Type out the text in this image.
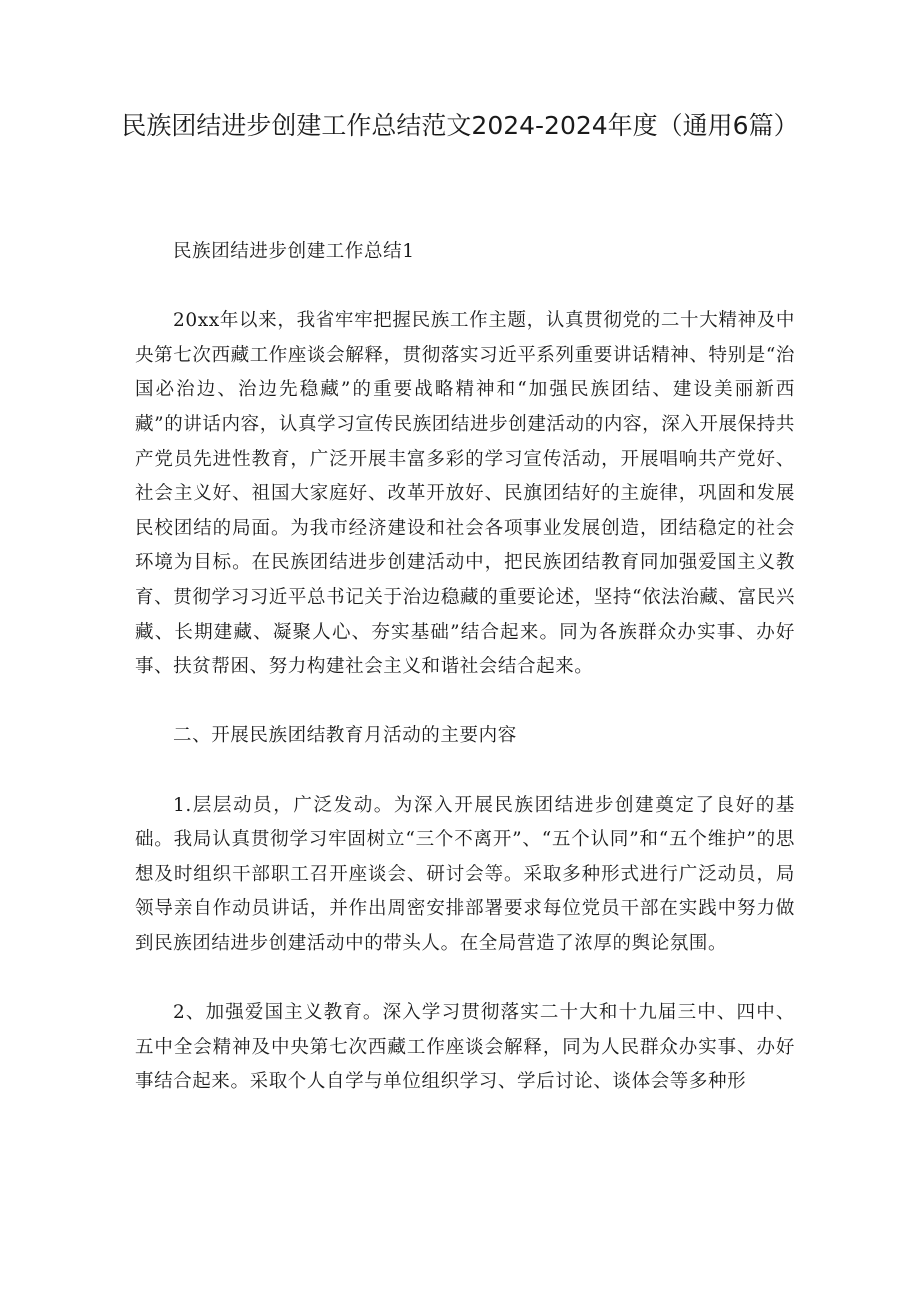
民族团结进步创建工作总结范文2024-2024年度（通用6篇）

民族团结进步创建工作总结1

20xx年以来，我省牢牢把握民族工作主题，认真贯彻党的二十大精神及中央第七次西藏工作座谈会解释，贯彻落实习近平系列重要讲话精神、特别是“治国必治边、治边先稳藏”的重要战略精神和“加强民族团结、建设美丽新西藏”的讲话内容，认真学习宣传民族团结进步创建活动的内容，深入开展保持共产党员先进性教育，广泛开展丰富多彩的学习宣传活动，开展唱响共产党好、社会主义好、祖国大家庭好、改革开放好、民旗团结好的主旋律，巩固和发展民校团结的局面。为我市经济建设和社会各项事业发展创造，团结稳定的社会环境为目标。在民族团结进步创建活动中，把民族团结教育同加强爱国主义教育、贯彻学习习近平总书记关于治边稳藏的重要论述，坚持“依法治藏、富民兴藏、长期建藏、凝聚人心、夯实基础”结合起来。同为各族群众办实事、办好事、扶贫帮困、努力构建社会主义和谐社会结合起来。

二、开展民族团结教育月活动的主要内容

1.层层动员，广泛发动。为深入开展民族团结进步创建奠定了良好的基础。我局认真贯彻学习牢固树立“三个不离开”、“五个认同”和“五个维护”的思想及时组织干部职工召开座谈会、研讨会等。采取多种形式进行广泛动员，局领导亲自作动员讲话，并作出周密安排部署要求每位党员干部在实践中努力做到民族团结进步创建活动中的带头人。在全局营造了浓厚的舆论氛围。

2、加强爱国主义教育。深入学习贯彻落实二十大和十九届三中、四中、五中全会精神及中央第七次西藏工作座谈会解释，同为人民群众办实事、办好事结合起来。采取个人自学与单位组织学习、学后讨论、谈体会等多种形
